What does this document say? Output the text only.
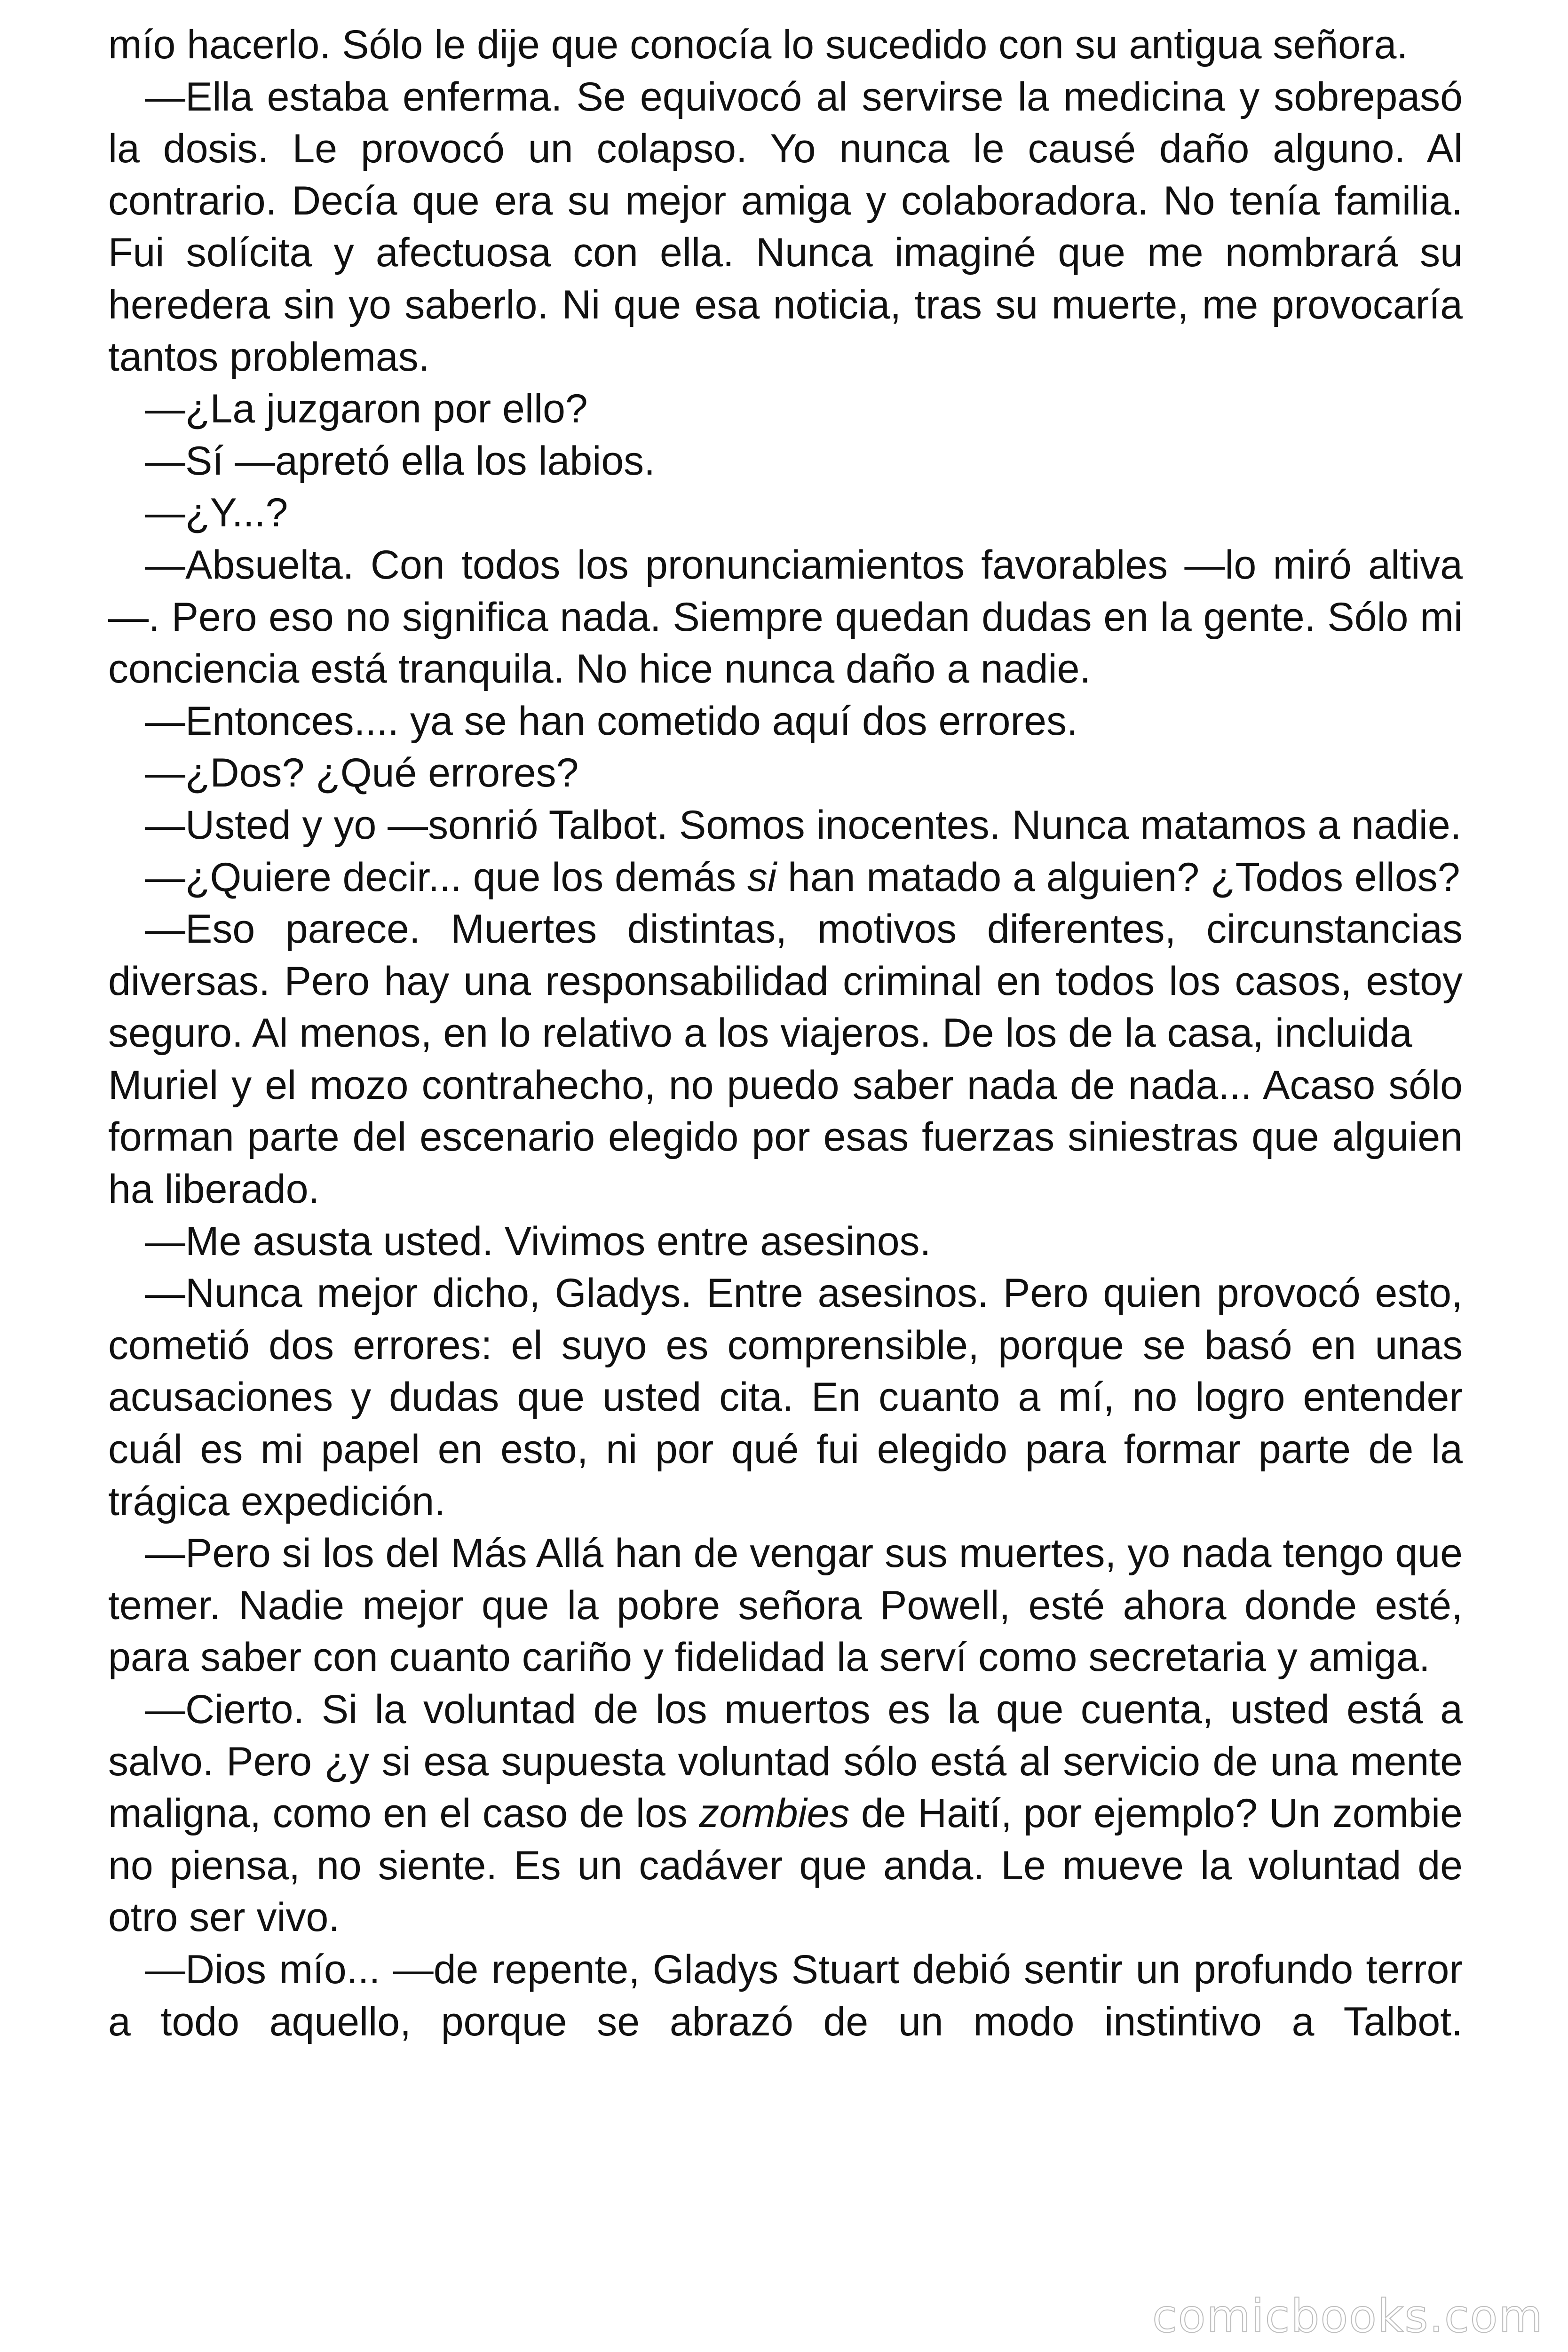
mío hacerlo. Sólo le dije que conocía lo sucedido con su antigua señora.

—Ella estaba enferma. Se equivocó al servirse la medicina y sobrepasó la dosis. Le provocó un colapso. Yo nunca le causé daño alguno. Al contrario. Decía que era su mejor amiga y colaboradora. No tenía familia. Fui solícita y afectuosa con ella. Nunca imaginé que me nombrará su heredera sin yo saberlo. Ni que esa noticia, tras su muerte, me provocaría tantos problemas.

—¿La juzgaron por ello?

—Sí —apretó ella los labios.

—¿Y...?

—Absuelta. Con todos los pronunciamientos favorables —lo miró altiva—. Pero eso no significa nada. Siempre quedan dudas en la gente. Sólo mi conciencia está tranquila. No hice nunca daño a nadie.

—Entonces.... ya se han cometido aquí dos errores.

—¿Dos? ¿Qué errores?

—Usted y yo —sonrió Talbot. Somos inocentes. Nunca matamos a nadie.

—¿Quiere decir... que los demás si han matado a alguien? ¿Todos ellos?

—Eso parece. Muertes distintas, motivos diferentes, circunstancias diversas. Pero hay una responsabilidad criminal en todos los casos, estoy seguro. Al menos, en lo relativo a los viajeros. De los de la casa, incluida

Muriel y el mozo contrahecho, no puedo saber nada de nada... Acaso sólo forman parte del escenario elegido por esas fuerzas siniestras que alguien ha liberado.

—Me asusta usted. Vivimos entre asesinos.

—Nunca mejor dicho, Gladys. Entre asesinos. Pero quien provocó esto, cometió dos errores: el suyo es comprensible, porque se basó en unas acusaciones y dudas que usted cita. En cuanto a mí, no logro entender cuál es mi papel en esto, ni por qué fui elegido para formar parte de la trágica expedición.

—Pero si los del Más Allá han de vengar sus muertes, yo nada tengo que temer. Nadie mejor que la pobre señora Powell, esté ahora donde esté, para saber con cuanto cariño y fidelidad la serví como secretaria y amiga.

—Cierto. Si la voluntad de los muertos es la que cuenta, usted está a salvo. Pero ¿y si esa supuesta voluntad sólo está al servicio de una mente maligna, como en el caso de los zombies de Haití, por ejemplo? Un zombie no piensa, no siente. Es un cadáver que anda. Le mueve la voluntad de otro ser vivo.

—Dios mío... —de repente, Gladys Stuart debió sentir un profundo terror a todo aquello, porque se abrazó de un modo instintivo a Talbot.

comicbooks.com
